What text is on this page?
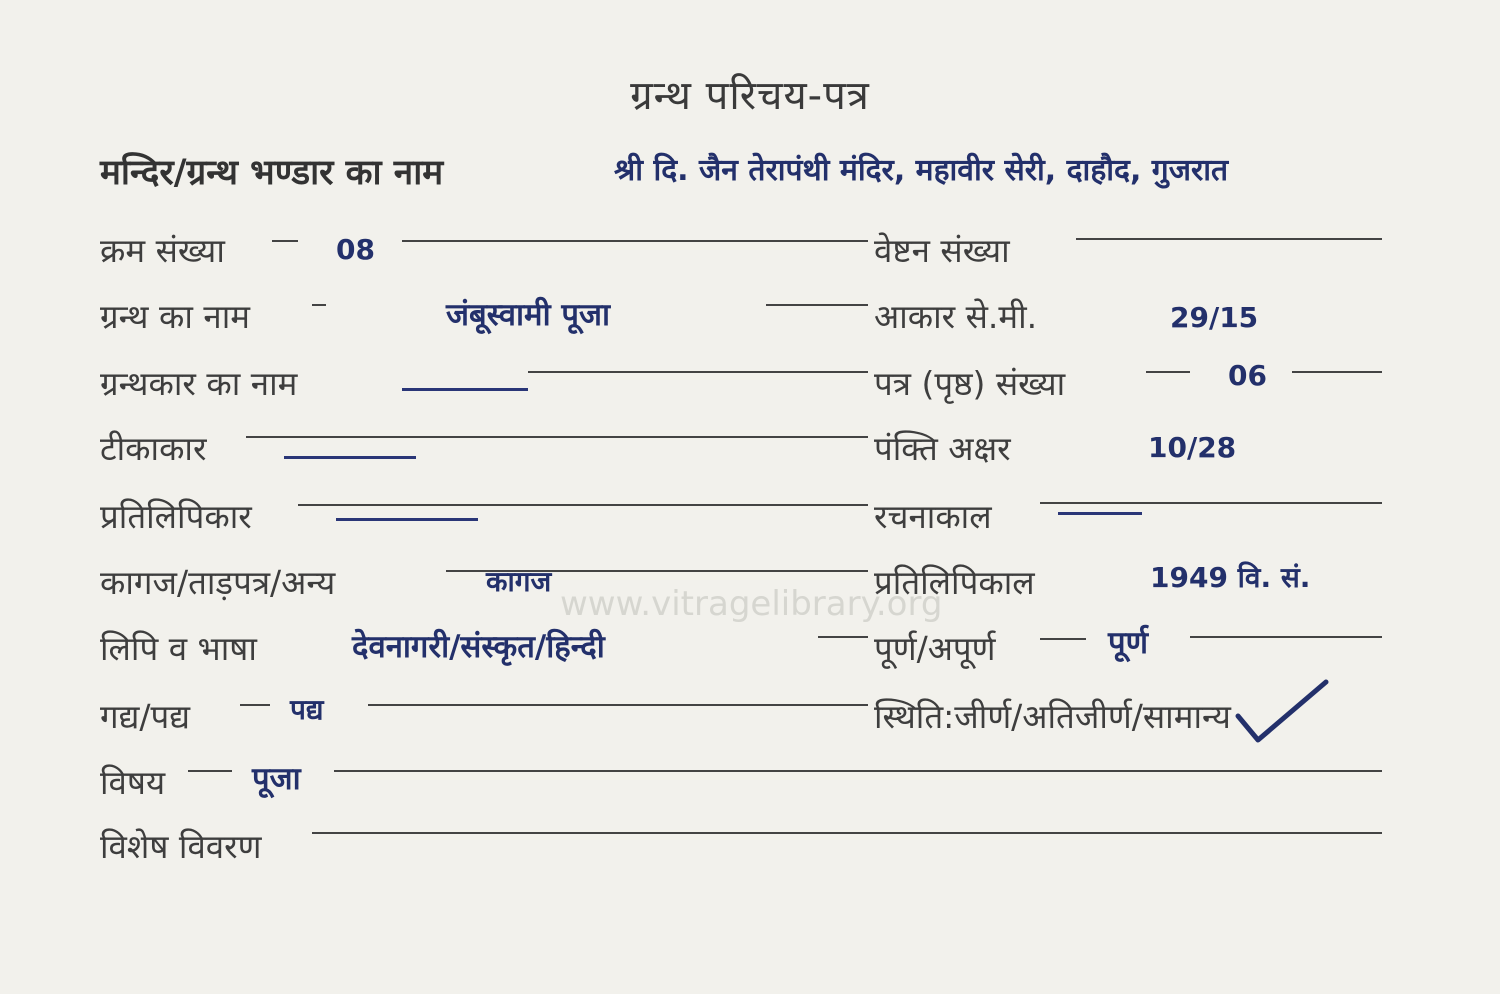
ग्रन्थ परिचय-पत्र
मन्दिर/ग्रन्थ भण्डार का नाम	श्री दि. जैन तेरापंथी मंदिर, महावीर सेरी, दाहौद, गुजरात
क्रम संख्या	08
ग्रन्थ का नाम	जंबूस्वामी पूजा
ग्रन्थकार का नाम
टीकाकार
प्रतिलिपिकार
कागज/ताड़पत्र/अन्य	कागज
लिपि व भाषा	देवनागरी/संस्कृत/हिन्दी
गद्य/पद्य	पद्य
विषय	पूजा
विशेष विवरण
वेष्टन संख्या
आकार से.मी.	29/15
पत्र (पृष्ठ) संख्या	06
पंक्ति अक्षर	10/28
रचनाकाल
प्रतिलिपिकाल	1949 वि. सं.
पूर्ण/अपूर्ण	पूर्ण
स्थिति:जीर्ण/अतिजीर्ण/सामान्य
www.vitragelibrary.org
